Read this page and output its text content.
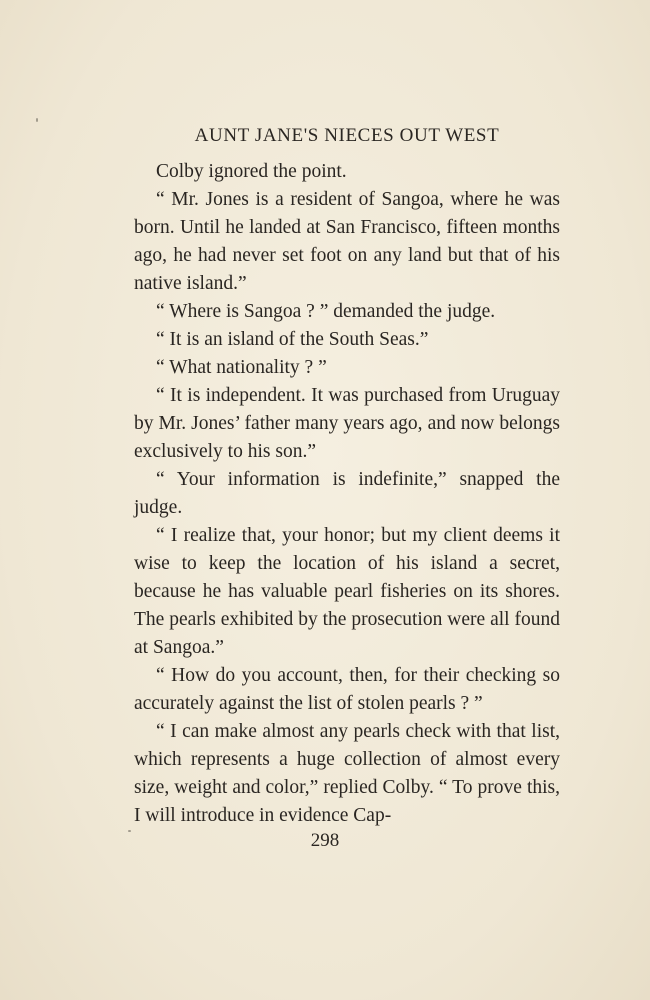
AUNT JANE'S NIECES OUT WEST

Colby ignored the point.

“ Mr. Jones is a resident of Sangoa, where he was born. Until he landed at San Francisco, fifteen months ago, he had never set foot on any land but that of his native island.”

“ Where is Sangoa ? ” demanded the judge.

“ It is an island of the South Seas.”

“ What nationality ? ”

“ It is independent. It was purchased from Uruguay by Mr. Jones’ father many years ago, and now belongs exclusively to his son.”

“ Your information is indefinite,” snapped the judge.

“ I realize that, your honor; but my client deems it wise to keep the location of his island a secret, because he has valuable pearl fisheries on its shores. The pearls exhibited by the prosecution were all found at Sangoa.”

“ How do you account, then, for their checking so accurately against the list of stolen pearls ? ”

“ I can make almost any pearls check with that list, which represents a huge collection of almost every size, weight and color,” replied Colby. “ To prove this, I will introduce in evidence Cap-

298
